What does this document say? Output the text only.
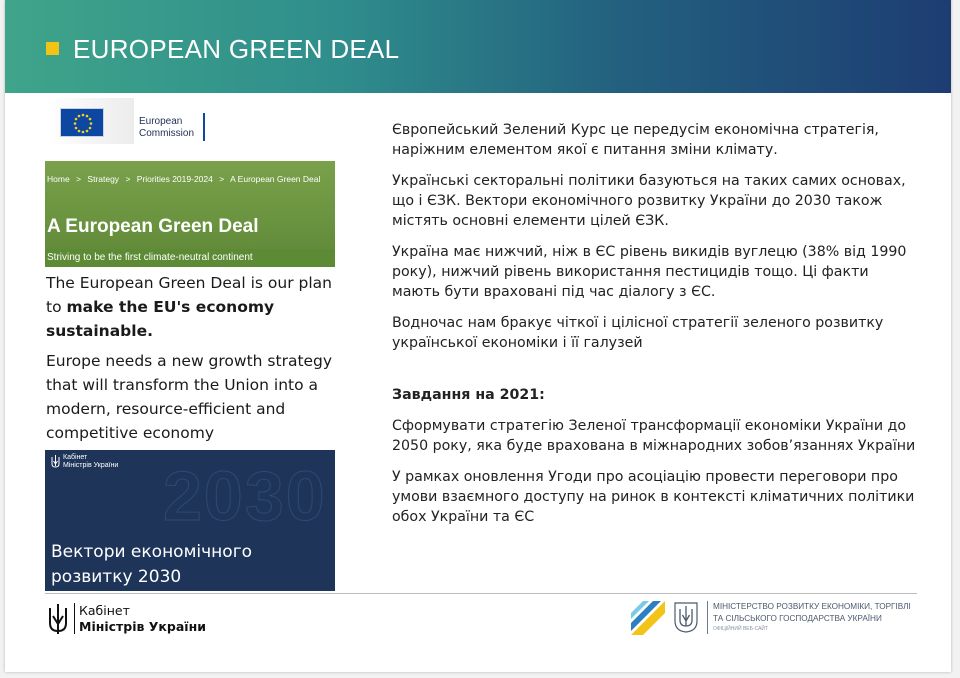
EUROPEAN GREEN DEAL
European
Commission
Home > Strategy > Priorities 2019-2024 > A European Green Deal
A European Green Deal
Striving to be the first climate-neutral continent

The European Green Deal is our plan to make the EU's economy sustainable.

Europe needs a new growth strategy that will transform the Union into a modern, resource-efficient and competitive economy

2030
Кабінет
Міністрів України
Вектори економічного
розвитку 2030

Європейський Зелений Курс це передусім економічна стратегія, наріжним елементом якої є питання зміни клімату.

Українські секторальні політики базуються на таких самих основах, що і ЄЗК. Вектори економічного розвитку України до 2030 також містять основні елементи цілей ЄЗК.

Україна має нижчий, ніж в ЄС рівень викидів вуглецю (38% від 1990 року), нижчий рівень використання пестицидів тощо. Ці факти мають бути враховані під час діалогу з ЄС.

Водночас нам бракує чіткої і цілісної стратегії зеленого розвитку української економіки і її галузей

Завдання на 2021:

Сформувати стратегію Зеленої трансформації економіки України до 2050 року, яка буде врахована в міжнародних зобов’язаннях України

У рамках оновлення Угоди про асоціацію провести переговори про умови взаємного доступу на ринок в контексті кліматичних політики обох України та ЄС

Кабінет
Міністрів України
МІНІСТЕРСТВО РОЗВИТКУ ЕКОНОМІКИ, ТОРГІВЛІ
ТА СІЛЬСЬКОГО ГОСПОДАРСТВА УКРАЇНИ
ОФІЦІЙНИЙ ВЕБ-САЙТ
